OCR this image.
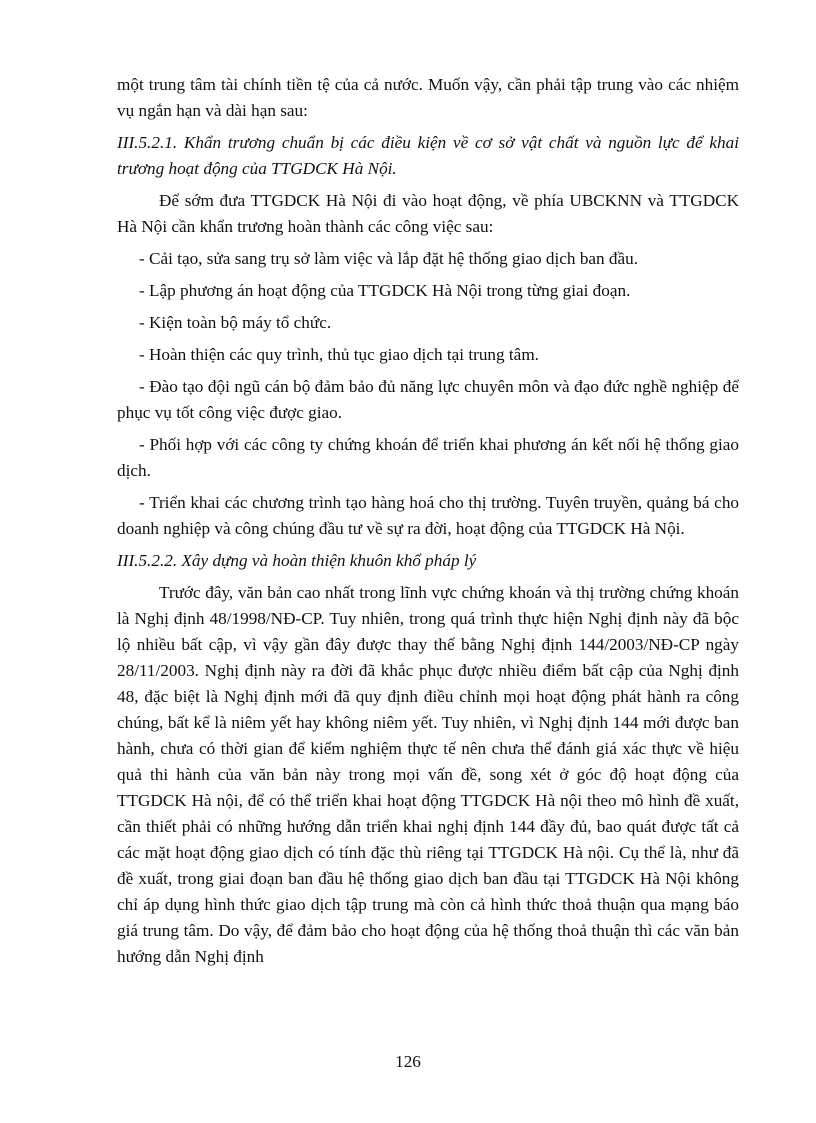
một trung tâm tài chính tiền tệ của cả nước. Muốn vậy, cần phải tập trung vào các nhiệm vụ ngắn hạn và dài hạn sau:

III.5.2.1. Khẩn trương chuẩn bị các điều kiện về cơ sở vật chất và nguồn lực để khai trương hoạt động của TTGDCK Hà Nội.

Để sớm đưa TTGDCK Hà Nội đi vào hoạt động, về phía UBCKNN và TTGDCK Hà Nội cần khẩn trương hoàn thành các công việc sau:

- Cải tạo, sửa sang trụ sở làm việc và lắp đặt hệ thống giao dịch ban đầu.

- Lập phương án hoạt động của TTGDCK Hà Nội trong từng giai đoạn.

- Kiện toàn bộ máy tổ chức.

- Hoàn thiện các quy trình, thủ tục giao dịch tại trung tâm.

- Đào tạo đội ngũ cán bộ đảm bảo đủ năng lực chuyên môn và đạo đức nghề nghiệp để phục vụ tốt công việc được giao.

- Phối hợp với các công ty chứng khoán để triển khai phương án kết nối hệ thống giao dịch.

- Triển khai các chương trình tạo hàng hoá cho thị trường. Tuyên truyền, quảng bá cho doanh nghiệp và công chúng đầu tư về sự ra đời, hoạt động của TTGDCK Hà Nội.

III.5.2.2. Xây dựng và hoàn thiện khuôn khổ pháp lý

Trước đây, văn bản cao nhất trong lĩnh vực chứng khoán và thị trường chứng khoán là Nghị định 48/1998/NĐ-CP. Tuy nhiên, trong quá trình thực hiện Nghị định này đã bộc lộ nhiều bất cập, vì vậy gần đây được thay thế bằng Nghị định 144/2003/NĐ-CP ngày 28/11/2003. Nghị định này ra đời đã khắc phục được nhiều điểm bất cập của Nghị định 48, đặc biệt là Nghị định mới đã quy định điều chỉnh mọi hoạt động phát hành ra công chúng, bất kể là niêm yết hay không niêm yết. Tuy nhiên, vì Nghị định 144 mới được ban hành, chưa có thời gian để kiểm nghiệm thực tế nên chưa thể đánh giá xác thực về hiệu quả thi hành của văn bản này trong mọi vấn đề, song xét ở góc độ hoạt động của TTGDCK Hà nội, để có thể triển khai hoạt động TTGDCK Hà nội theo mô hình đề xuất, cần thiết phải có những hướng dẫn triển khai nghị định 144 đầy đủ, bao quát được tất cả các mặt hoạt động giao dịch có tính đặc thù riêng tại TTGDCK Hà nội. Cụ thể là, như đã đề xuất, trong giai đoạn ban đầu hệ thống giao dịch ban đầu tại TTGDCK Hà Nội không chỉ áp dụng hình thức giao dịch tập trung mà còn cả hình thức thoả thuận qua mạng báo giá trung tâm. Do vậy, để đảm bảo cho hoạt động của hệ thống thoả thuận thì các văn bản hướng dẫn Nghị định

126
